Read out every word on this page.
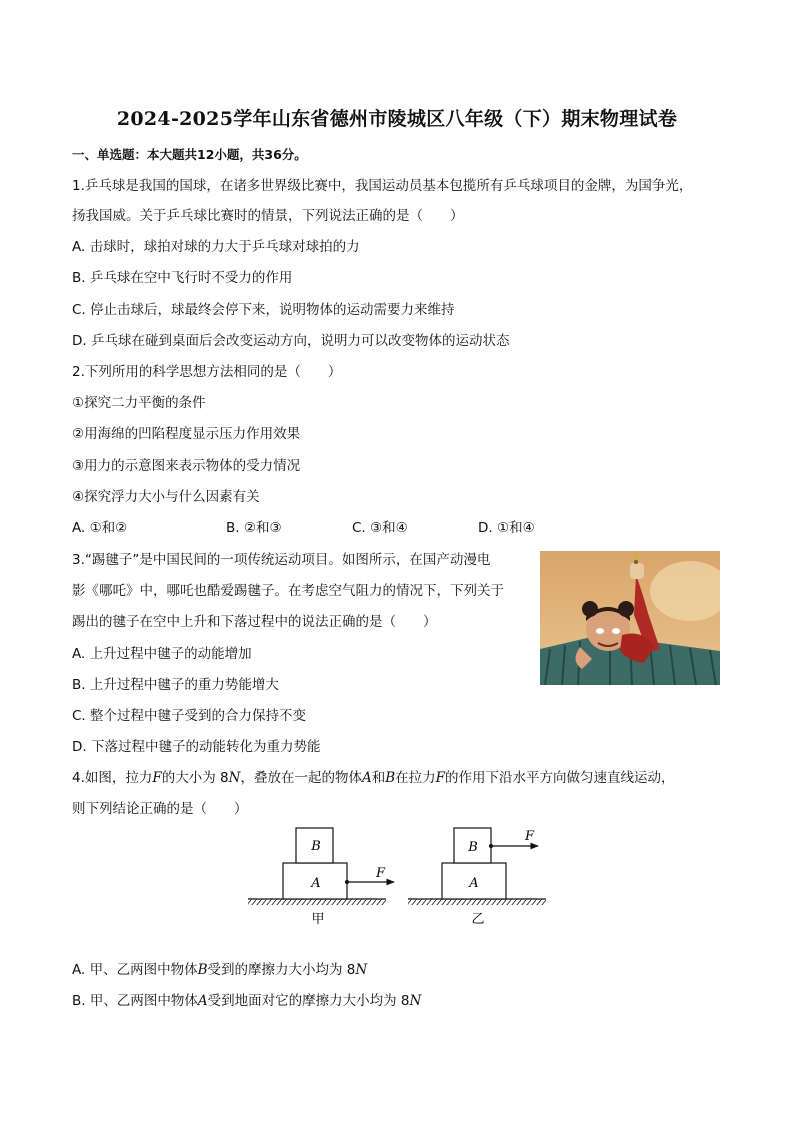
2024-2025学年山东省德州市陵城区八年级（下）期末物理试卷
一、单选题：本大题共12小题，共36分。
1.乒乓球是我国的国球，在诸多世界级比赛中，我国运动员基本包揽所有乒乓球项目的金牌，为国争光，
扬我国威。关于乒乓球比赛时的情景，下列说法正确的是（　　）
A. 击球时，球拍对球的力大于乒乓球对球拍的力
B. 乒乓球在空中飞行时不受力的作用
C. 停止击球后，球最终会停下来，说明物体的运动需要力来维持
D. 乒乓球在碰到桌面后会改变运动方向，说明力可以改变物体的运动状态
2.下列所用的科学思想方法相同的是（　　）
①探究二力平衡的条件
②用海绵的凹陷程度显示压力作用效果
③用力的示意图来表示物体的受力情况
④探究浮力大小与什么因素有关
A. ①和②	B. ②和③	C. ③和④	D. ①和④
3.“踢毽子”是中国民间的一项传统运动项目。如图所示，在国产动漫电
影《哪吒》中，哪吒也酷爱踢毽子。在考虑空气阻力的情况下，下列关于
踢出的毽子在空中上升和下落过程中的说法正确的是（　　）
A. 上升过程中毽子的动能增加
B. 上升过程中毽子的重力势能增大
C. 整个过程中毽子受到的合力保持不变
D. 下落过程中毽子的动能转化为重力势能
4.如图，拉力F的大小为 8N，叠放在一起的物体A和B在拉力F的作用下沿水平方向做匀速直线运动，
则下列结论正确的是（　　）
A
B
F
甲
A
B
F
乙
A. 甲、乙两图中物体B受到的摩擦力大小均为 8N
B. 甲、乙两图中物体A受到地面对它的摩擦力大小均为 8N
